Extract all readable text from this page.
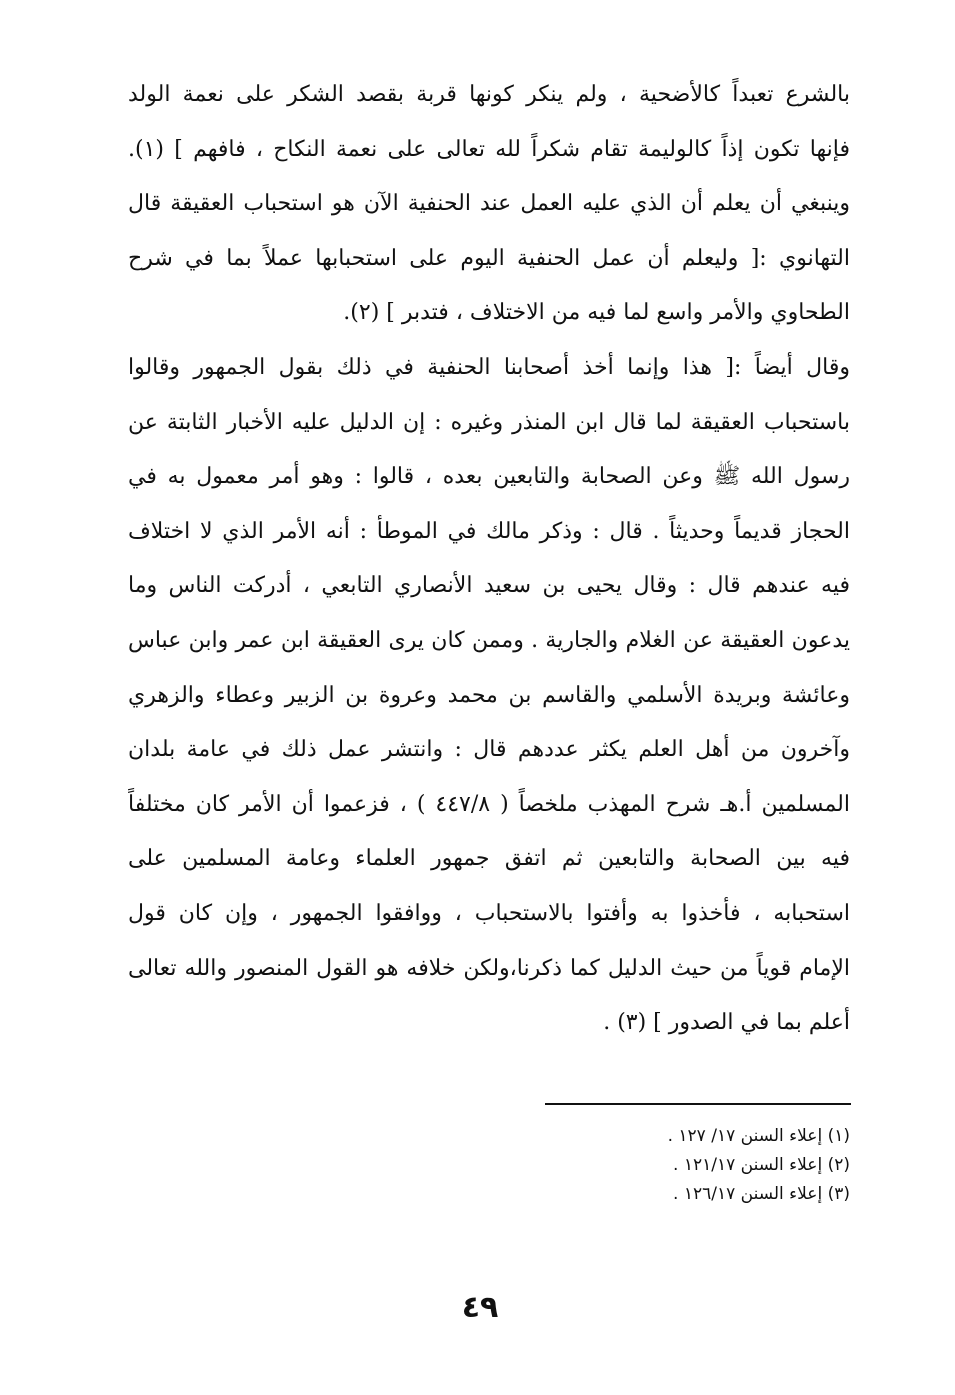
بالشرع تعبداً كالأضحية ، ولم ينكر كونها قربة بقصد الشكر على نعمة الولد
فإنها تكون إذاً كالوليمة تقام شكراً لله تعالى على نعمة النكاح ، فافهم ] (١).
وينبغي أن يعلم أن الذي عليه العمل عند الحنفية الآن هو استحباب العقيقة قال
التهانوي :[ وليعلم أن عمل الحنفية اليوم على استحبابها عملاً بما في شرح
الطحاوي والأمر واسع لما فيه من الاختلاف ، فتدبر ] (٢).
وقال أيضاً :[ هذا وإنما أخذ أصحابنا الحنفية في ذلك بقول الجمهور وقالوا
باستحباب العقيقة لما قال ابن المنذر وغيره : إن الدليل عليه الأخبار الثابتة عن
رسول الله ﷺ وعن الصحابة والتابعين بعده ، قالوا : وهو أمر معمول به في
الحجاز قديماً وحديثاً . قال : وذكر مالك في الموطأ : أنه الأمر الذي لا اختلاف
فيه عندهم قال : وقال يحيى بن سعيد الأنصاري التابعي ، أدركت الناس وما
يدعون العقيقة عن الغلام والجارية . وممن كان يرى العقيقة ابن عمر وابن عباس
وعائشة وبريدة الأسلمي والقاسم بن محمد وعروة بن الزبير وعطاء والزهري
وآخرون من أهل العلم يكثر عددهم قال : وانتشر عمل ذلك في عامة بلدان
المسلمين أ.هـ شرح المهذب ملخصاً ( ٤٤٧/٨ ) ، فزعموا أن الأمر كان مختلفاً
فيه بين الصحابة والتابعين ثم اتفق جمهور العلماء وعامة المسلمين على
استحبابه ، فأخذوا به وأفتوا بالاستحباب ، ووافقوا الجمهور ، وإن كان قول
الإمام قوياً من حيث الدليل كما ذكرنا،ولكن خلافه هو القول المنصور والله تعالى
أعلم بما في الصدور ] (٣) .
(١) إعلاء السنن ١٧/ ١٢٧ .
(٢) إعلاء السنن ١٢١/١٧ .
(٣) إعلاء السنن ١٢٦/١٧ .
٤٩
